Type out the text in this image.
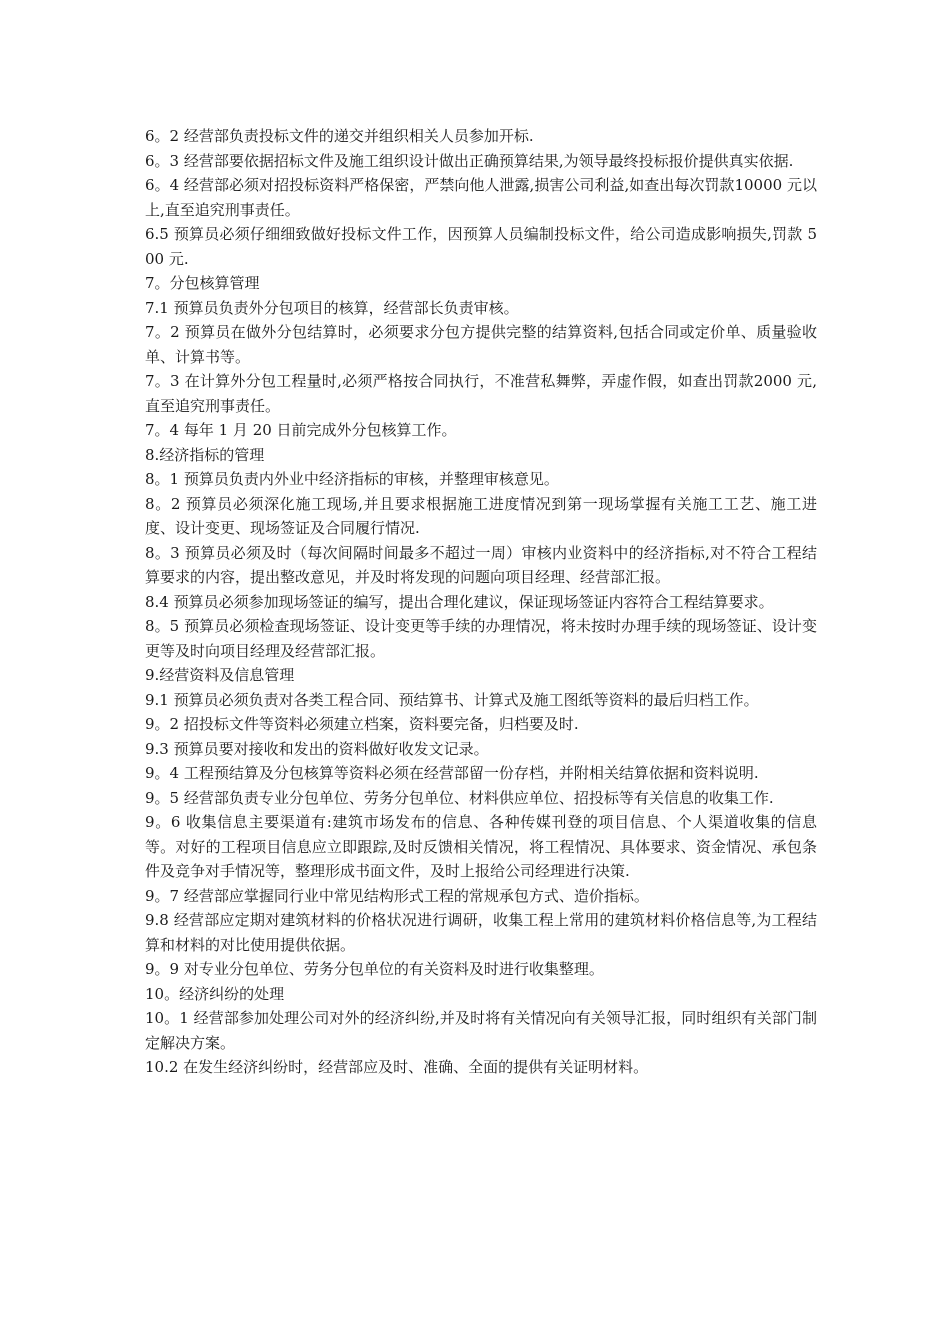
6。2 经营部负责投标文件的递交并组织相关人员参加开标.

6。3 经营部要依据招标文件及施工组织设计做出正确预算结果,为领导最终投标报价提供真实依据.

6。4 经营部必须对招投标资料严格保密，严禁向他人泄露,损害公司利益,如查出每次罚款10000 元以上,直至追究刑事责任。

6.5 预算员必须仔细细致做好投标文件工作，因预算人员编制投标文件，给公司造成影响损失,罚款 500 元.

7。分包核算管理

7.1 预算员负责外分包项目的核算，经营部长负责审核。

7。2 预算员在做外分包结算时，必须要求分包方提供完整的结算资料,包括合同或定价单、质量验收单、计算书等。

7。3 在计算外分包工程量时,必须严格按合同执行，不准营私舞弊，弄虚作假，如查出罚款2000 元,直至追究刑事责任。

7。4 每年 1 月 20 日前完成外分包核算工作。

8.经济指标的管理

8。1 预算员负责内外业中经济指标的审核，并整理审核意见。

8。2 预算员必须深化施工现场,并且要求根据施工进度情况到第一现场掌握有关施工工艺、施工进度、设计变更、现场签证及合同履行情况.

8。3 预算员必须及时（每次间隔时间最多不超过一周）审核内业资料中的经济指标,对不符合工程结算要求的内容，提出整改意见，并及时将发现的问题向项目经理、经营部汇报。

8.4 预算员必须参加现场签证的编写，提出合理化建议，保证现场签证内容符合工程结算要求。

8。5 预算员必须检查现场签证、设计变更等手续的办理情况，将未按时办理手续的现场签证、设计变更等及时向项目经理及经营部汇报。

9.经营资料及信息管理

9.1 预算员必须负责对各类工程合同、预结算书、计算式及施工图纸等资料的最后归档工作。

9。2 招投标文件等资料必须建立档案，资料要完备，归档要及时.

9.3 预算员要对接收和发出的资料做好收发文记录。

9。4 工程预结算及分包核算等资料必须在经营部留一份存档，并附相关结算依据和资料说明.

9。5 经营部负责专业分包单位、劳务分包单位、材料供应单位、招投标等有关信息的收集工作.

9。6 收集信息主要渠道有:建筑市场发布的信息、各种传媒刊登的项目信息、个人渠道收集的信息等。对好的工程项目信息应立即跟踪,及时反馈相关情况，将工程情况、具体要求、资金情况、承包条件及竞争对手情况等，整理形成书面文件，及时上报给公司经理进行决策.

9。7 经营部应掌握同行业中常见结构形式工程的常规承包方式、造价指标。

9.8 经营部应定期对建筑材料的价格状况进行调研，收集工程上常用的建筑材料价格信息等,为工程结算和材料的对比使用提供依据。

9。9 对专业分包单位、劳务分包单位的有关资料及时进行收集整理。

10。经济纠纷的处理

10。1 经营部参加处理公司对外的经济纠纷,并及时将有关情况向有关领导汇报，同时组织有关部门制定解决方案。

10.2 在发生经济纠纷时，经营部应及时、准确、全面的提供有关证明材料。
